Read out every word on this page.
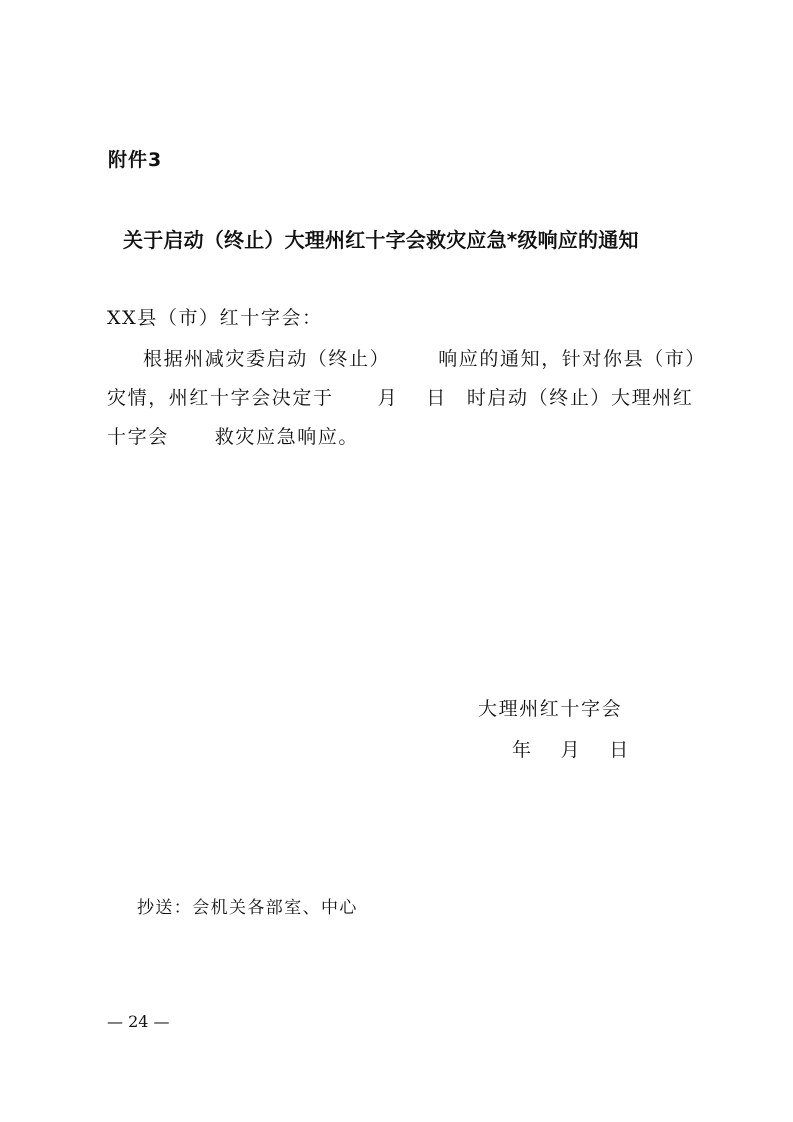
附件3
关于启动（终止）大理州红十字会救灾应急*级响应的通知
XX县（市）红十字会：
根据州减灾委启动（终止）	响应的通知，针对你县（市）
灾情，州红十字会决定于 月 日 时启动（终止）大理州红
十字会 救灾应急响应。
大理州红十字会
年 月 日
抄送：会机关各部室、中心
— 24 —
